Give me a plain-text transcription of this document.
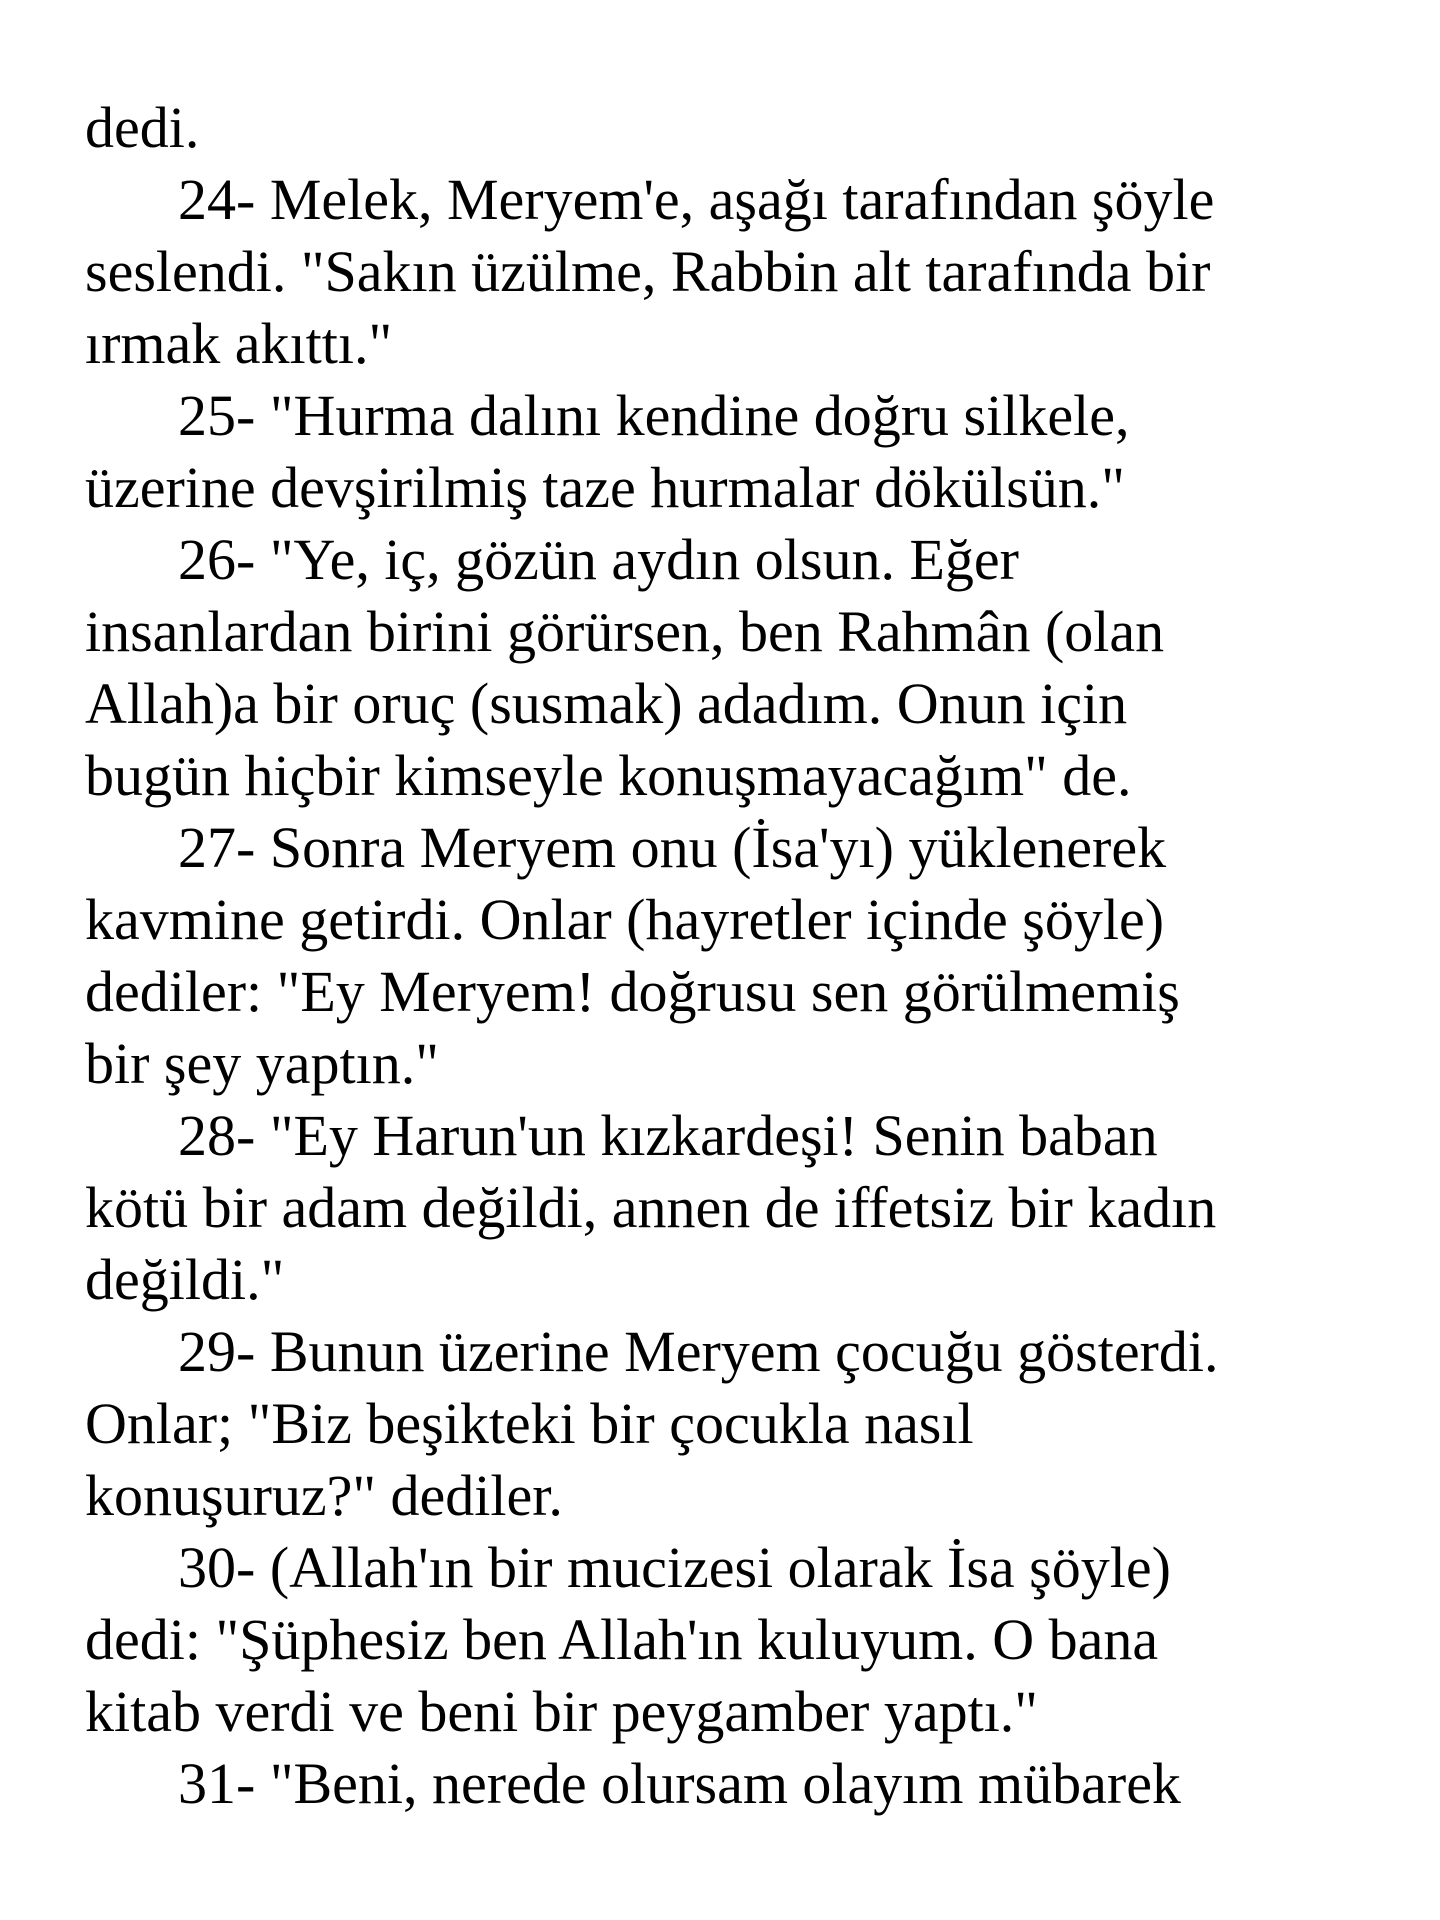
dedi.

24- Melek, Meryem'e, aşağı tarafından şöyle
seslendi. "Sakın üzülme, Rabbin alt tarafında bir
ırmak akıttı."

25- "Hurma dalını kendine doğru silkele,
üzerine devşirilmiş taze hurmalar dökülsün."

26- "Ye, iç, gözün aydın olsun. Eğer
insanlardan birini görürsen, ben Rahmân (olan
Allah)a bir oruç (susmak) adadım. Onun için
bugün hiçbir kimseyle konuşmayacağım" de.

27- Sonra Meryem onu (İsa'yı) yüklenerek
kavmine getirdi. Onlar (hayretler içinde şöyle)
dediler: "Ey Meryem! doğrusu sen görülmemiş
bir şey yaptın."

28- "Ey Harun'un kızkardeşi! Senin baban
kötü bir adam değildi, annen de iffetsiz bir kadın
değildi."

29- Bunun üzerine Meryem çocuğu gösterdi.
Onlar; "Biz beşikteki bir çocukla nasıl
konuşuruz?" dediler.

30- (Allah'ın bir mucizesi olarak İsa şöyle)
dedi: "Şüphesiz ben Allah'ın kuluyum. O bana
kitab verdi ve beni bir peygamber yaptı."

31- "Beni, nerede olursam olayım mübarek
